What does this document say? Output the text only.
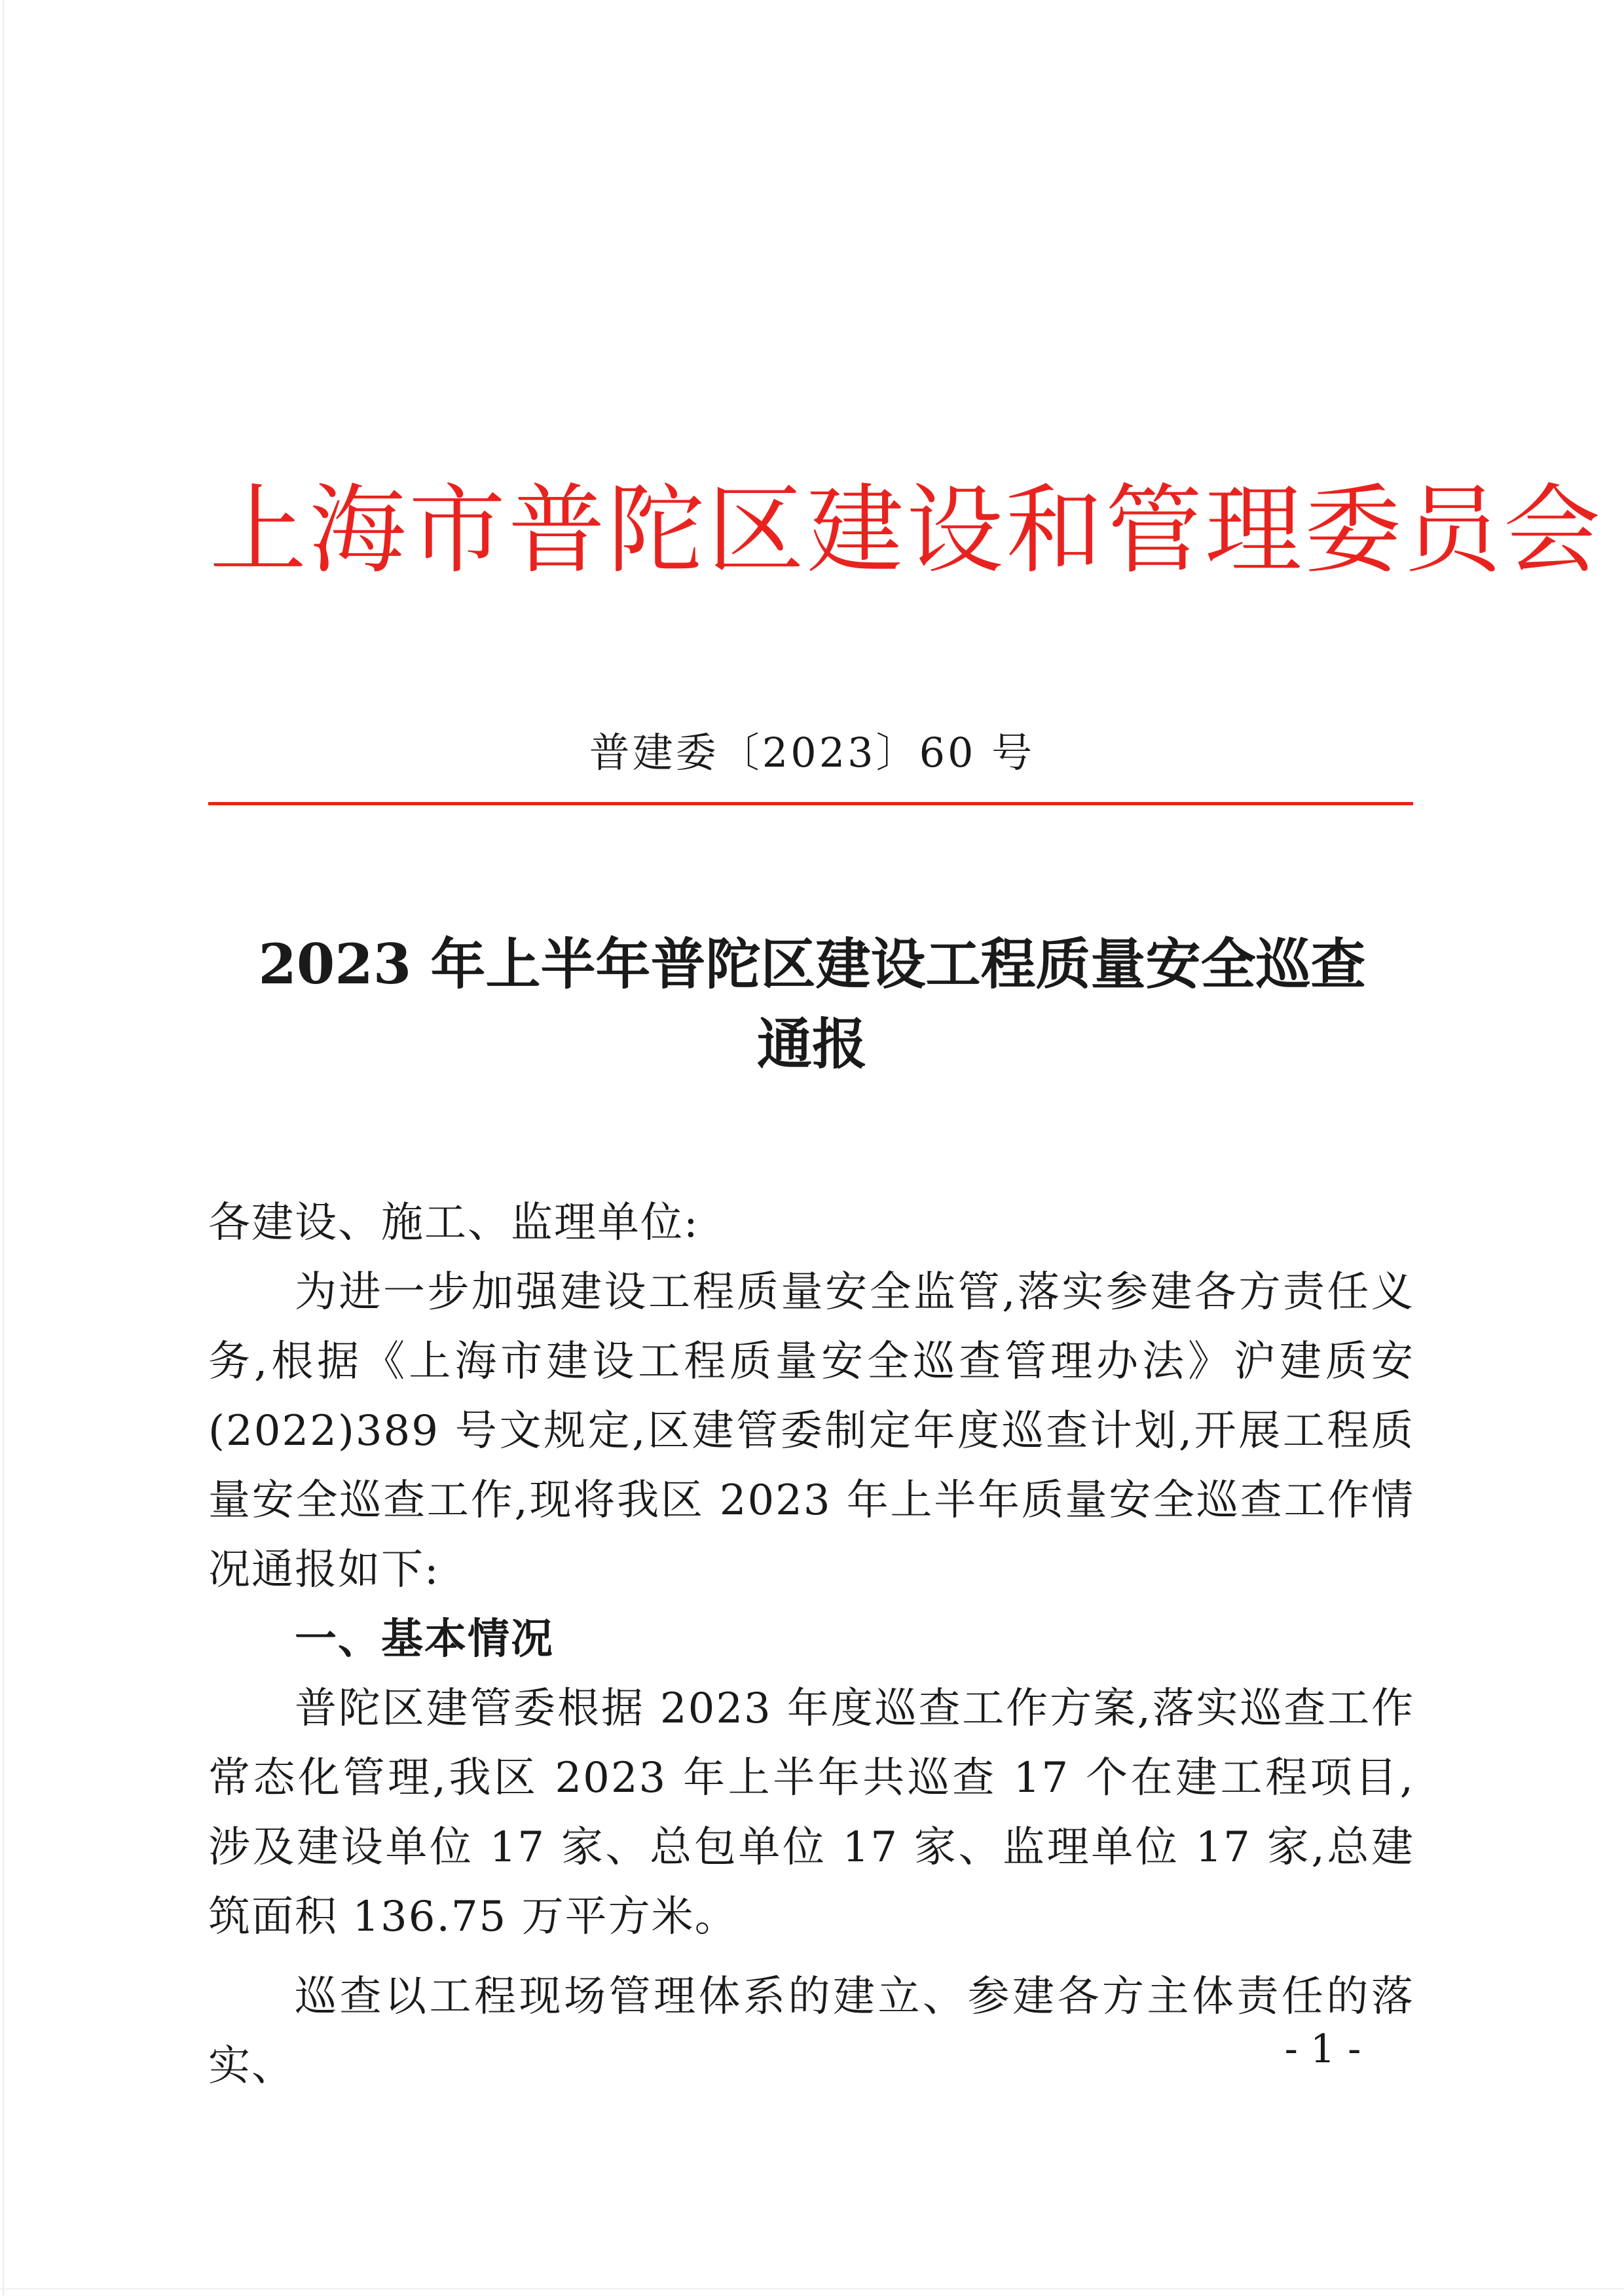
上海市普陀区建设和管理委员会
普建委〔2023〕60 号
2023 年上半年普陀区建设工程质量安全巡查
通报

各建设、施工、监理单位:

为进一步加强建设工程质量安全监管,落实参建各方责任义务,根据《上海市建设工程质量安全巡查管理办法》沪建质安(2022)389 号文规定,区建管委制定年度巡查计划,开展工程质量安全巡查工作,现将我区 2023 年上半年质量安全巡查工作情况通报如下:

一、基本情况

普陀区建管委根据 2023 年度巡查工作方案,落实巡查工作常态化管理,我区 2023 年上半年共巡查 17 个在建工程项目,涉及建设单位 17 家、总包单位 17 家、监理单位 17 家,总建筑面积 136.75 万平方米。

巡查以工程现场管理体系的建立、参建各方主体责任的落实、	- 1 -
